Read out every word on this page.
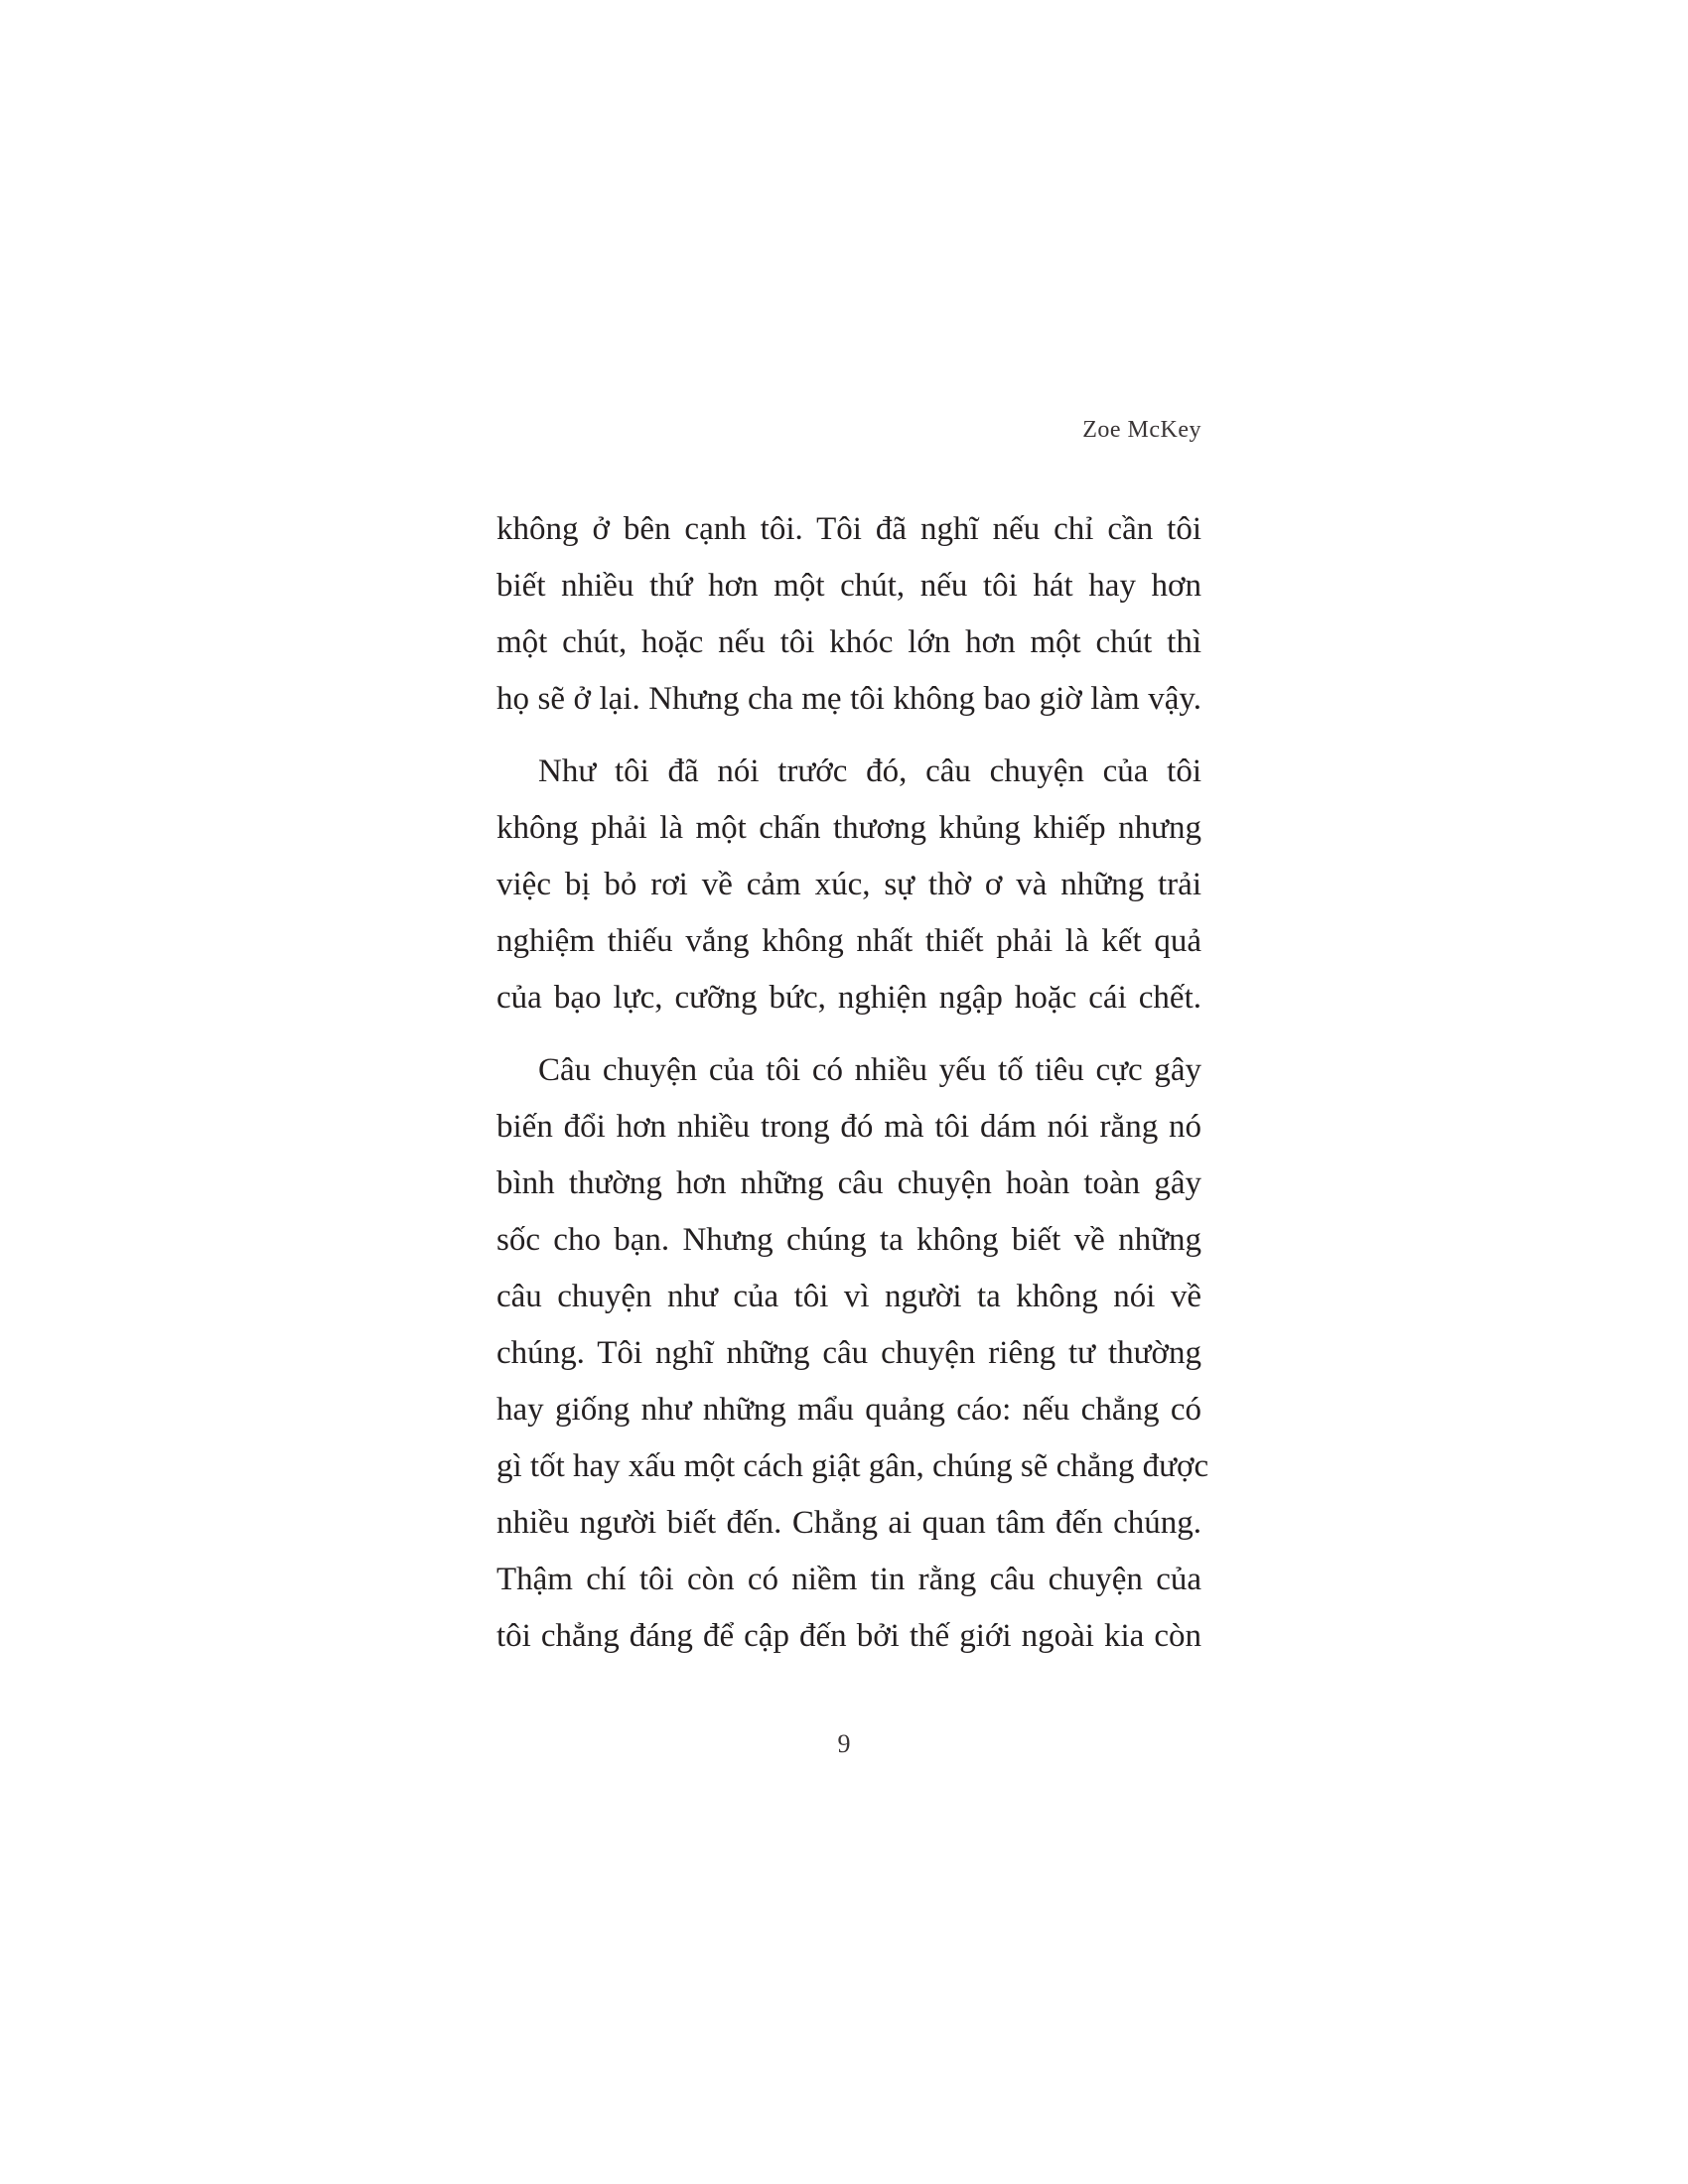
Zoe McKey
không ở bên cạnh tôi. Tôi đã nghĩ nếu chỉ cần tôi
biết nhiều thứ hơn một chút, nếu tôi hát hay hơn
một chút, hoặc nếu tôi khóc lớn hơn một chút thì
họ sẽ ở lại. Nhưng cha mẹ tôi không bao giờ làm vậy.
Như tôi đã nói trước đó, câu chuyện của tôi
không phải là một chấn thương khủng khiếp nhưng
việc bị bỏ rơi về cảm xúc, sự thờ ơ và những trải
nghiệm thiếu vắng không nhất thiết phải là kết quả
của bạo lực, cưỡng bức, nghiện ngập hoặc cái chết.
Câu chuyện của tôi có nhiều yếu tố tiêu cực gây
biến đổi hơn nhiều trong đó mà tôi dám nói rằng nó
bình thường hơn những câu chuyện hoàn toàn gây
sốc cho bạn. Nhưng chúng ta không biết về những
câu chuyện như của tôi vì người ta không nói về
chúng. Tôi nghĩ những câu chuyện riêng tư thường
hay giống như những mẩu quảng cáo: nếu chẳng có
gì tốt hay xấu một cách giật gân, chúng sẽ chẳng được
nhiều người biết đến. Chẳng ai quan tâm đến chúng.
Thậm chí tôi còn có niềm tin rằng câu chuyện của
tôi chẳng đáng để cập đến bởi thế giới ngoài kia còn
9
